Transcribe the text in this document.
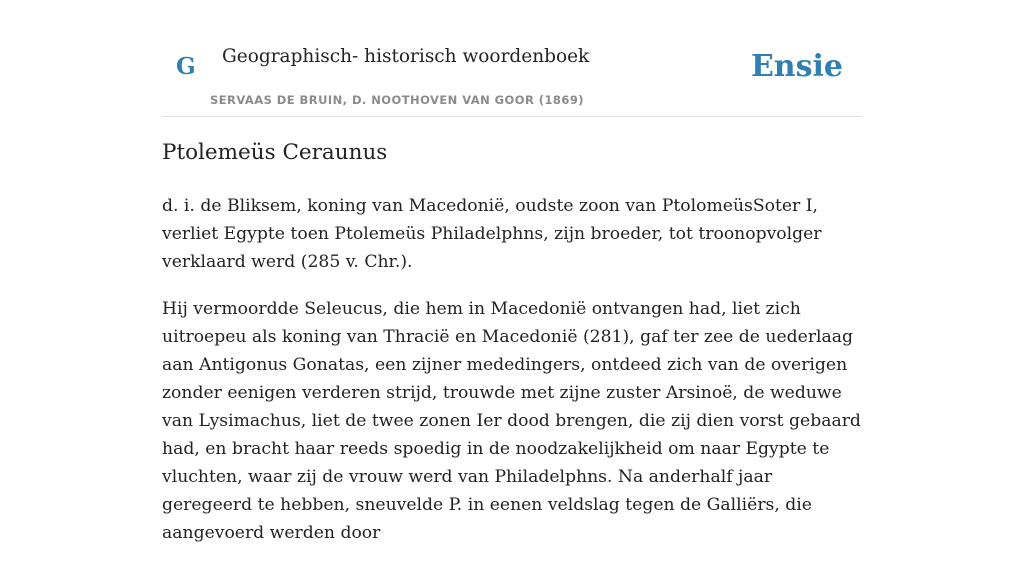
G Geographisch- historisch woordenboek
SERVAAS DE BRUIN, D. NOOTHOVEN VAN GOOR (1869)
Ensie
Ptolemeüs Ceraunus

d. i. de Bliksem, koning van Macedonië, oudste zoon van PtolomeüsSoter I, verliet Egypte toen Ptolemeüs Philadelphns, zijn broeder, tot troonopvolger verklaard werd (285 v. Chr.).

Hij vermoordde Seleucus, die hem in Macedonië ontvangen had, liet zich uitroepeu als koning van Thracië en Macedonië (281), gaf ter zee de uederlaag aan Antigonus Gonatas, een zijner mededingers, ontdeed zich van de overigen zonder eenigen verderen strijd, trouwde met zijne zuster Arsinoë, de weduwe van Lysimachus, liet de twee zonen Ier dood brengen, die zij dien vorst gebaard had, en bracht haar reeds spoedig in de noodzakelijkheid om naar Egypte te vluchten, waar zij de vrouw werd van Philadelphns. Na anderhalf jaar geregeerd te hebben, sneuvelde P. in eenen veldslag tegen de Galliërs, die aangevoerd werden door
